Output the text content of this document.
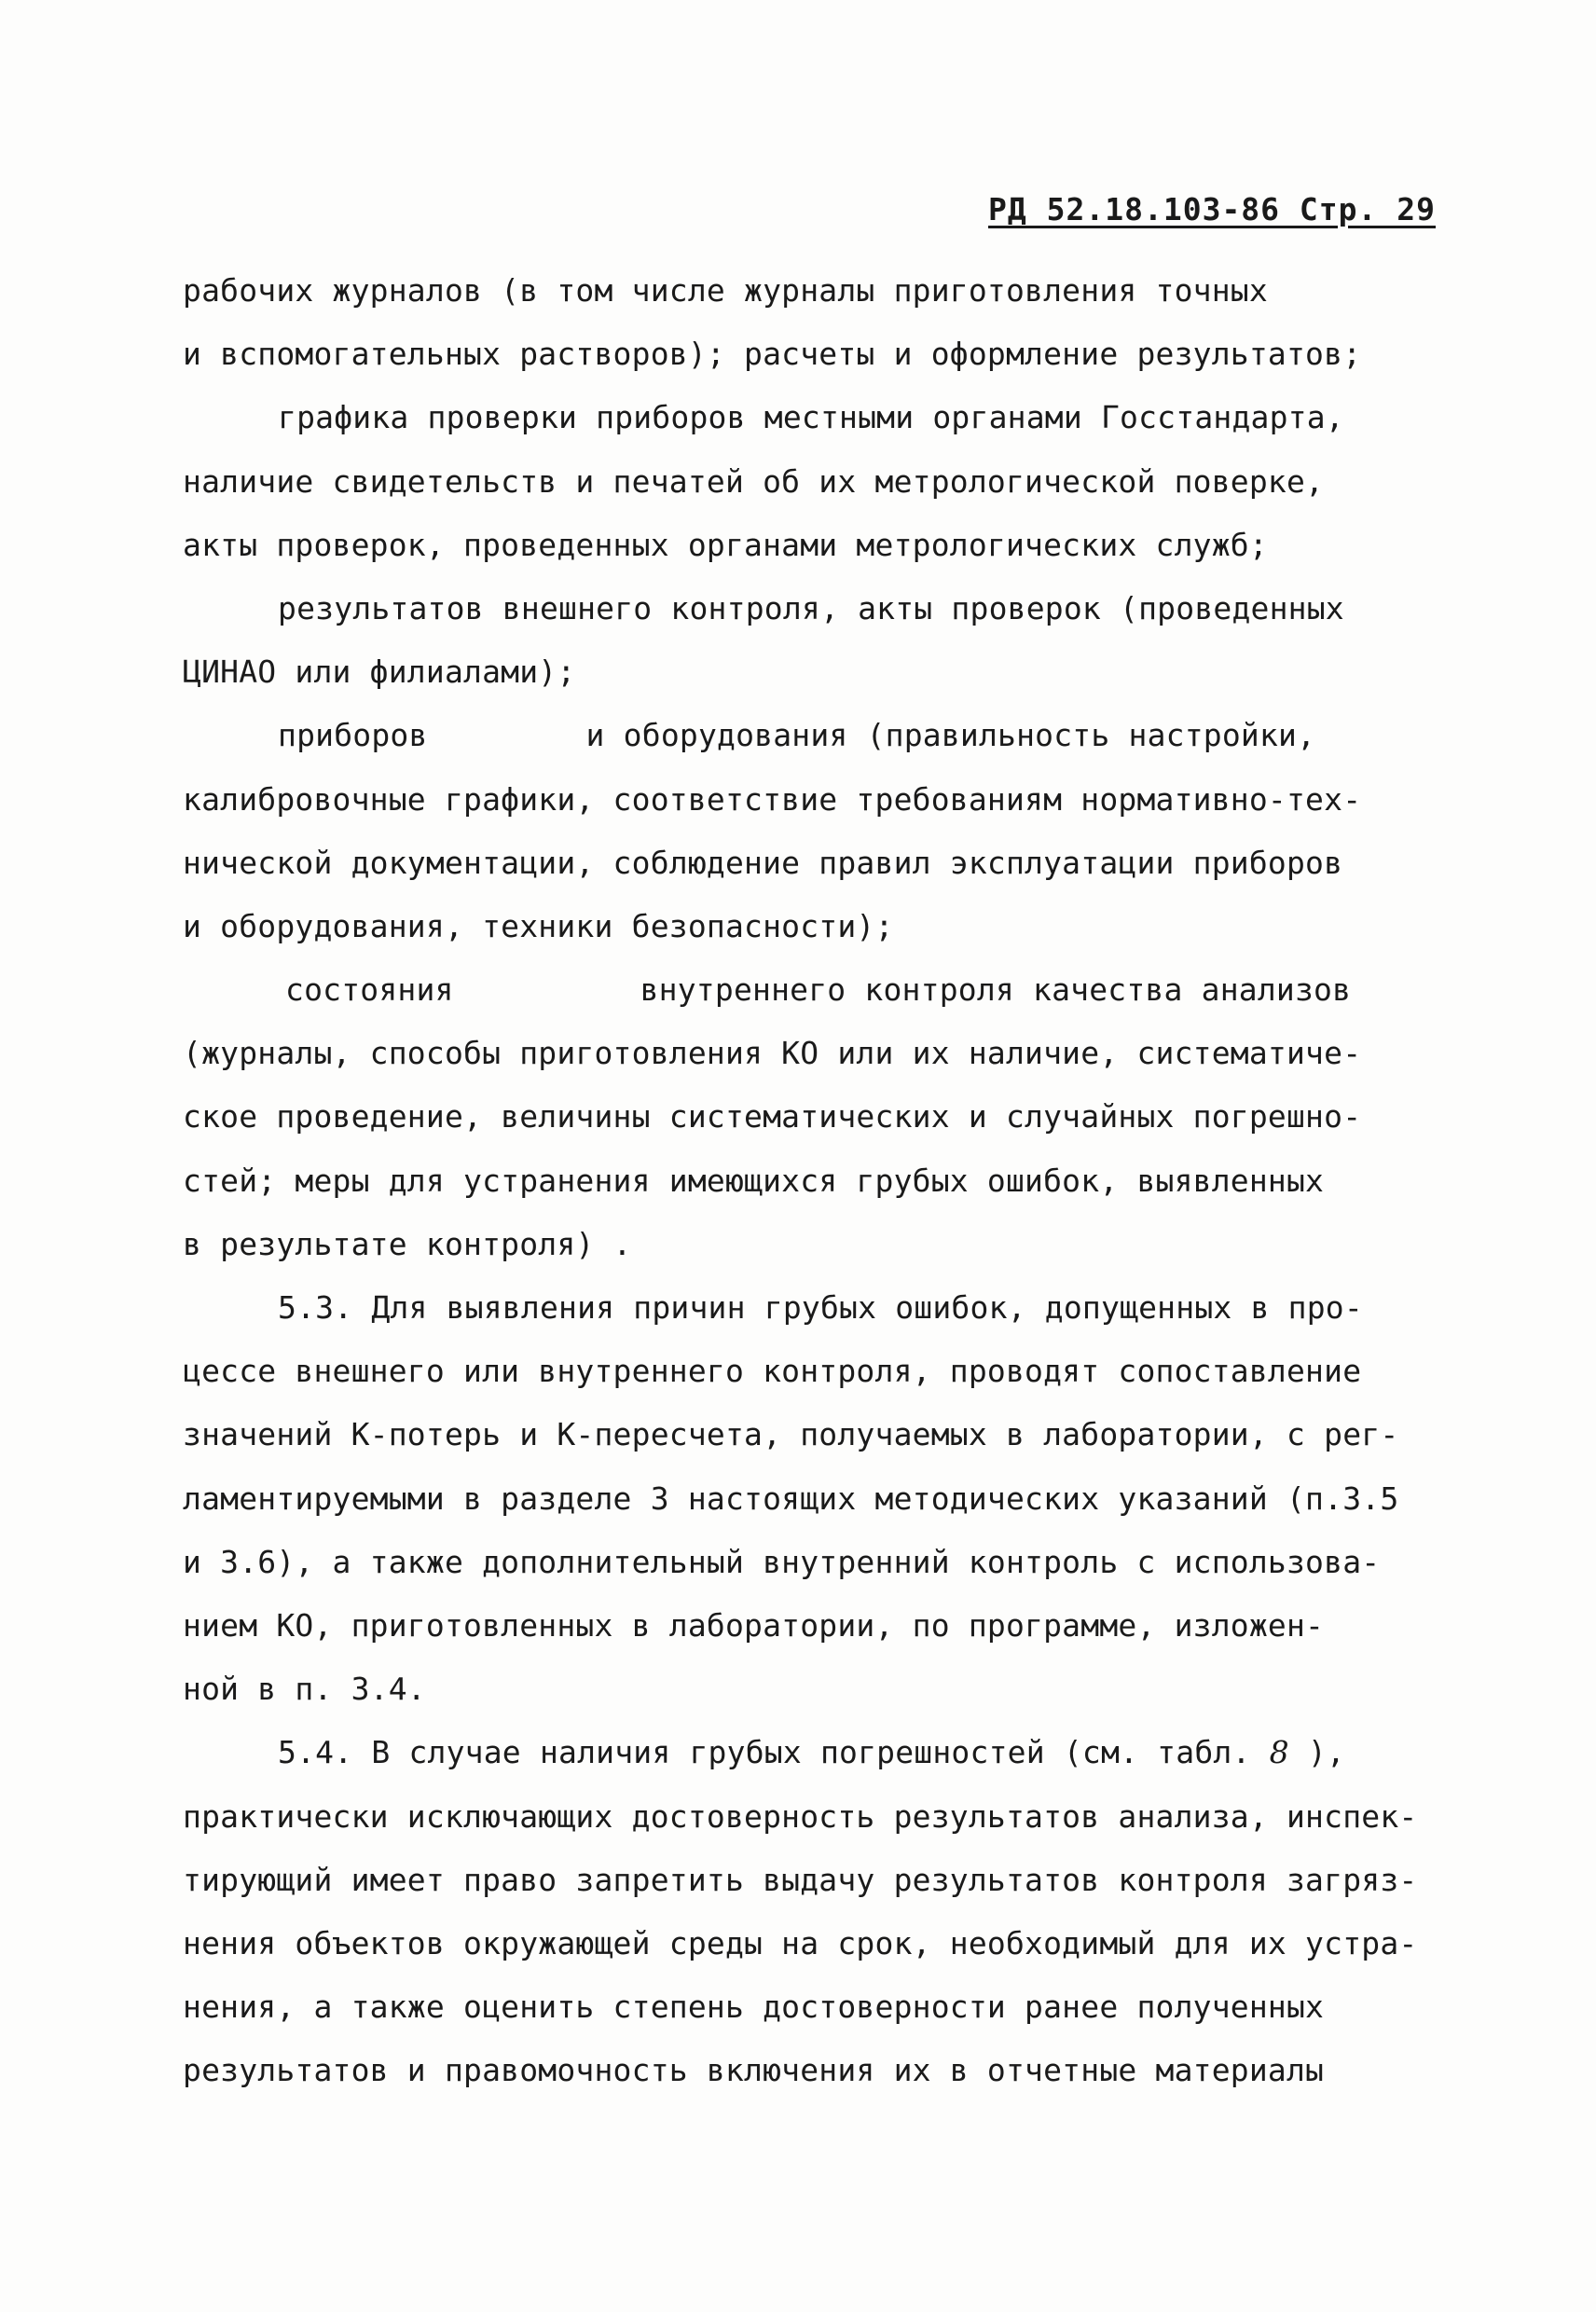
РД 52.18.103-86 Стр. 29
рабочих журналов (в том числе журналы приготовления точных
и вспомогательных растворов); расчеты и оформление результатов;
графика проверки приборов местными органами Госстандарта,
наличие свидетельств и печатей об их метрологической поверке,
акты проверок, проведенных органами метрологических служб;
результатов внешнего контроля, акты проверок (проведенных
ЦИНАО или филиалами);
приборов	и оборудования (правильность настройки,
калибровочные графики, соответствие требованиям нормативно-тех-
нической документации, соблюдение правил эксплуатации приборов
и оборудования, техники безопасности);
состояния	внутреннего контроля качества анализов
(журналы, способы приготовления КО или их наличие, систематиче-
ское проведение, величины систематических и случайных погрешно-
стей; меры для устранения имеющихся грубых ошибок, выявленных
в результате контроля) .
5.3. Для выявления причин грубых ошибок, допущенных в про-
цессе внешнего или внутреннего контроля, проводят сопоставление
значений К-потерь и К-пересчета, получаемых в лаборатории, с рег-
ламентируемыми в разделе 3 настоящих методических указаний (п.3.5
и 3.6), а также дополнительный внутренний контроль с использова-
нием КО, приготовленных в лаборатории, по программе, изложен-
ной в п. 3.4.
5.4. В случае наличия грубых погрешностей (см. табл. 8 ),
практически исключающих достоверность результатов анализа, инспек-
тирующий имеет право запретить выдачу результатов контроля загряз-
нения объектов окружающей среды на срок, необходимый для их устра-
нения, а также оценить степень достоверности ранее полученных
результатов и правомочность включения их в отчетные материалы
